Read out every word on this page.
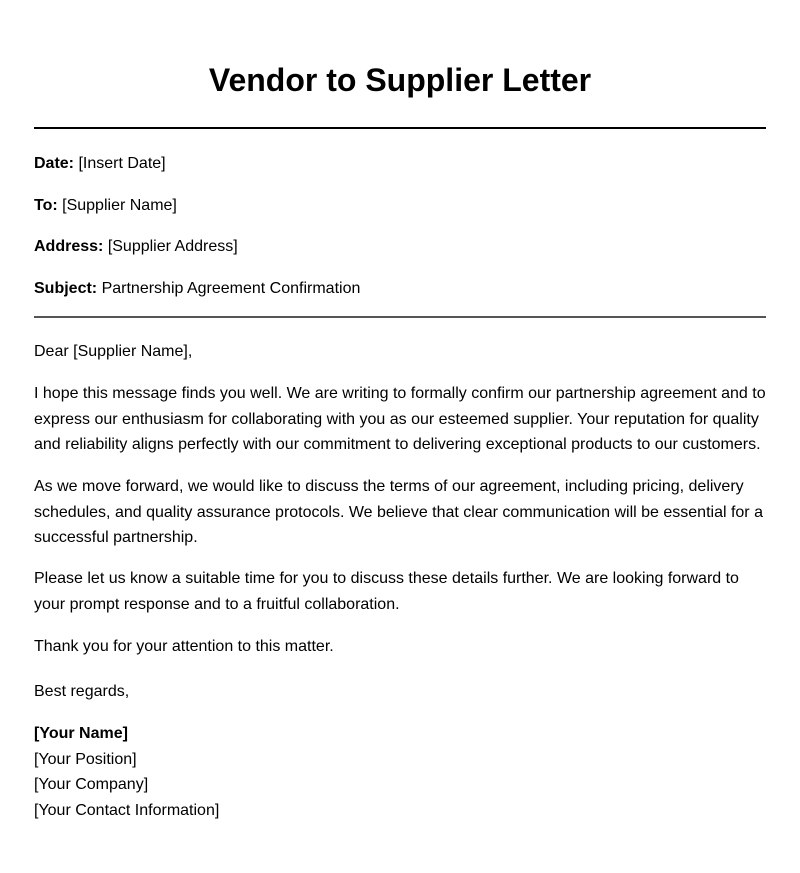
Vendor to Supplier Letter

Date: [Insert Date]

To: [Supplier Name]

Address: [Supplier Address]

Subject: Partnership Agreement Confirmation

Dear [Supplier Name],

I hope this message finds you well. We are writing to formally confirm our partnership agreement and to express our enthusiasm for collaborating with you as our esteemed supplier. Your reputation for quality and reliability aligns perfectly with our commitment to delivering exceptional products to our customers.

As we move forward, we would like to discuss the terms of our agreement, including pricing, delivery schedules, and quality assurance protocols. We believe that clear communication will be essential for a successful partnership.

Please let us know a suitable time for you to discuss these details further. We are looking forward to your prompt response and to a fruitful collaboration.

Thank you for your attention to this matter.

Best regards,

[Your Name]
[Your Position]
[Your Company]
[Your Contact Information]
